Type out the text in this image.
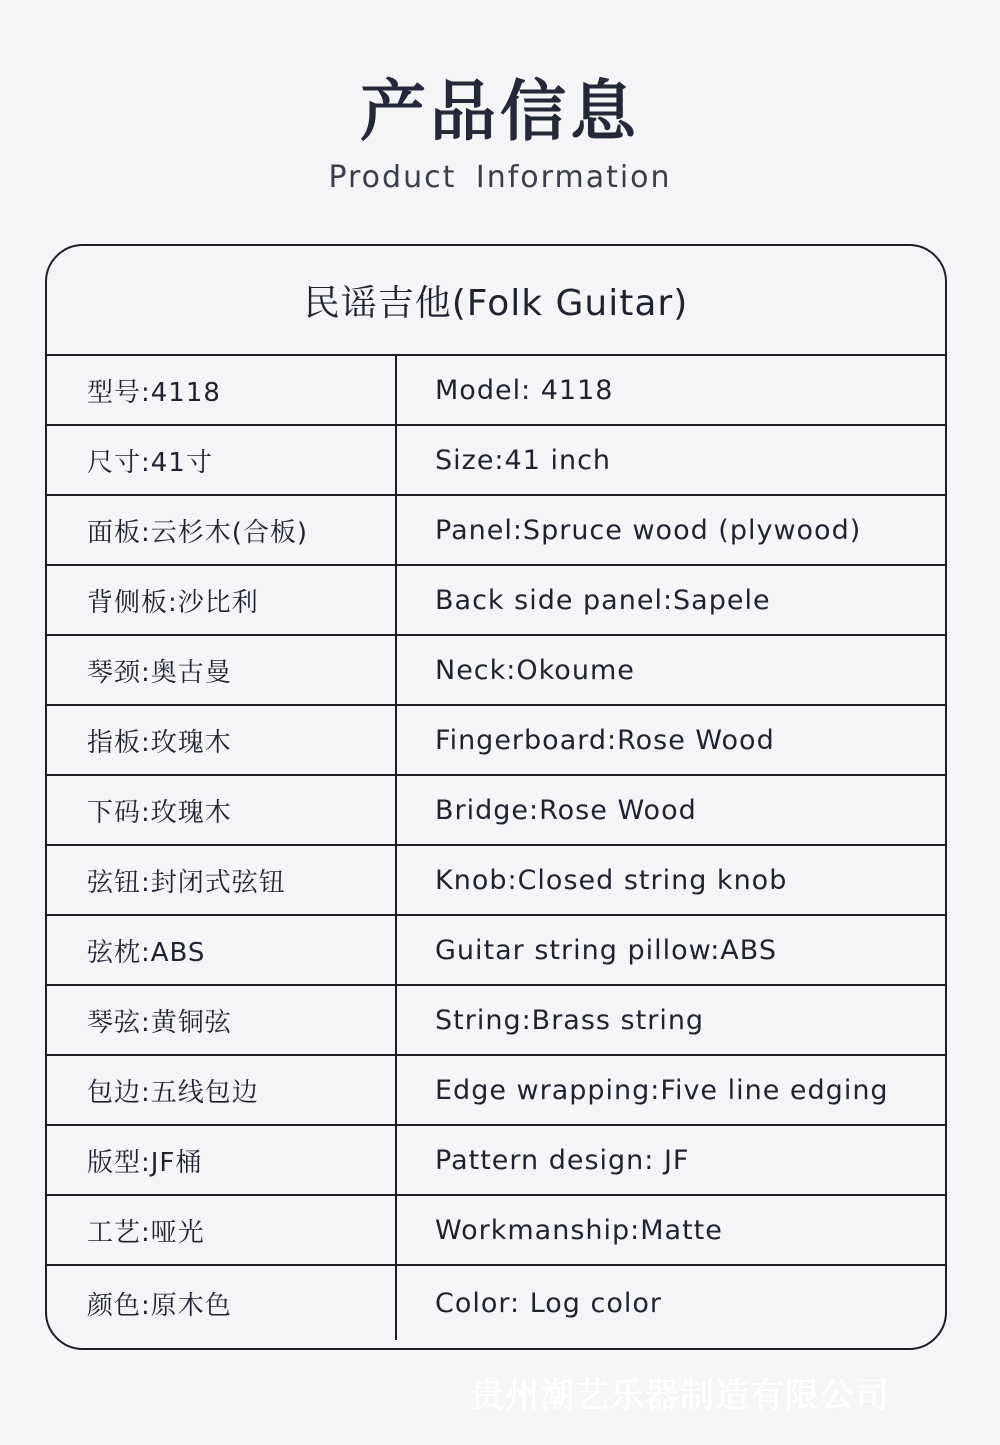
产品信息
Product Information
民谣吉他(Folk Guitar)
型号:4118	Model: 4118
尺寸:41寸	Size:41 inch
面板:云杉木(合板)	Panel:Spruce wood (plywood)
背侧板:沙比利	Back side panel:Sapele
琴颈:奥古曼	Neck:Okoume
指板:玫瑰木	Fingerboard:Rose Wood
下码:玫瑰木	Bridge:Rose Wood
弦钮:封闭式弦钮	Knob:Closed string knob
弦枕:ABS	Guitar string pillow:ABS
琴弦:黄铜弦	String:Brass string
包边:五线包边	Edge wrapping:Five line edging
版型:JF桶	Pattern design: JF
工艺:哑光	Workmanship:Matte
颜色:原木色	Color: Log color
贵州潮艺乐器制造有限公司
